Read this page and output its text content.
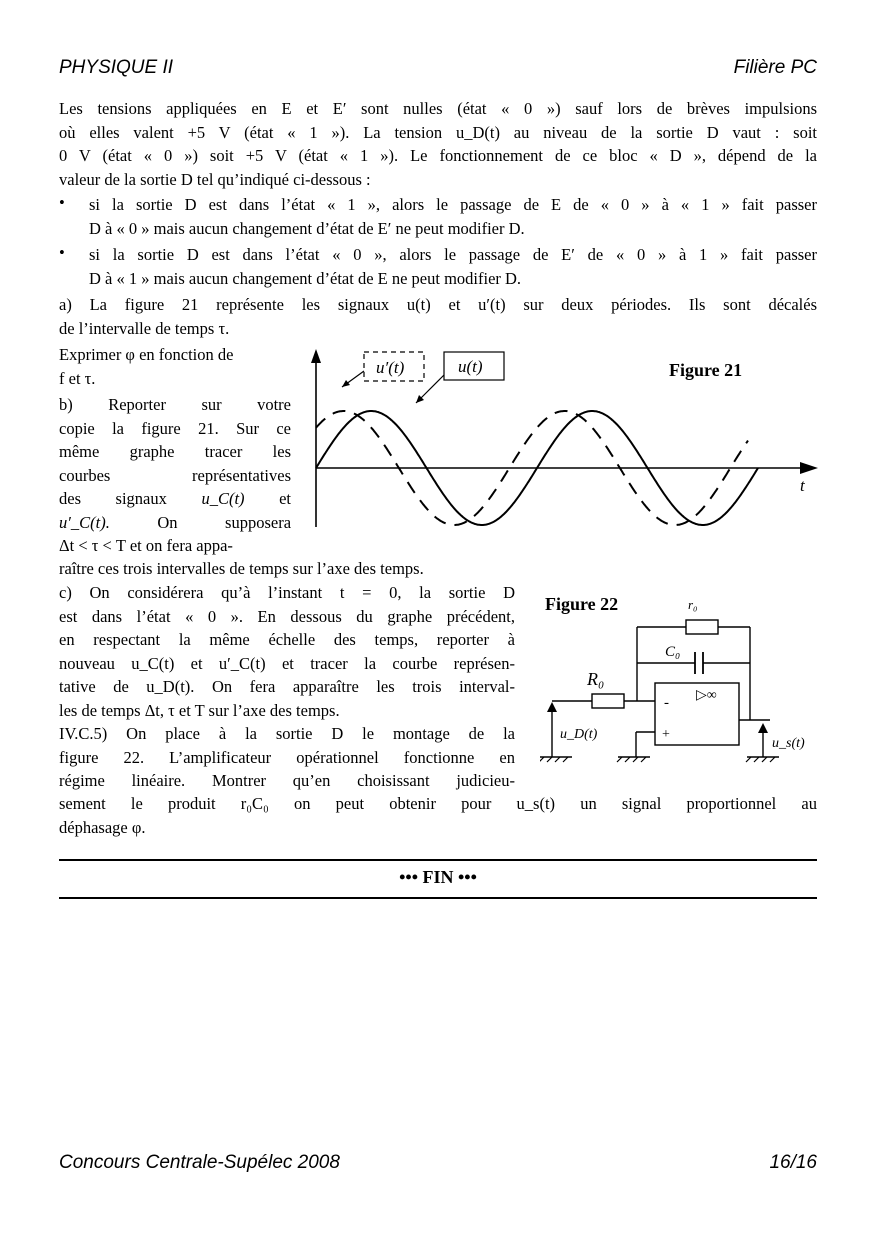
PHYSIQUE II	Filière PC
Les tensions appliquées en E et E′ sont nulles (état « 0 ») sauf lors de brèves impulsions
où elles valent +5 V (état « 1 »). La tension u_D(t) au niveau de la sortie D vaut : soit
0 V (état « 0 ») soit +5 V (état « 1 »). Le fonctionnement de ce bloc « D », dépend de la
valeur de la sortie D tel qu’indiqué ci-dessous :
• si la sortie D est dans l’état « 1 », alors le passage de E de « 0 » à « 1 » fait passer
D à « 0 » mais aucun changement d’état de E′ ne peut modifier D.
• si la sortie D est dans l’état « 0 », alors le passage de E′ de « 0 » à 1 » fait passer
D à « 1 » mais aucun changement d’état de E ne peut modifier D.
a) La figure 21 représente les signaux u(t) et u′(t) sur deux périodes. Ils sont décalés
de l’intervalle de temps τ.
Exprimer φ en fonction de
f et τ.
b) Reporter sur votre
copie la figure 21. Sur ce
même graphe tracer les
courbes	représentatives
des signaux u_C(t) et
u′_C(t).	On	supposera
Δt < τ < T et on fera appa-
raître ces trois intervalles de temps sur l’axe des temps.
t
u′(t)	u(t)	Figure 21
c) On considérera qu’à l’instant t = 0, la sortie D
est dans l’état « 0 ». En dessous du graphe précédent,
en respectant la même échelle des temps, reporter à
nouveau u_C(t) et u′_C(t) et tracer la courbe représen-
tative de u_D(t). On fera apparaître les trois interval-
les de temps Δt, τ et T sur l’axe des temps.
IV.C.5) On place à la sortie D le montage de la
figure 22. L’amplificateur opérationnel fonctionne en
régime linéaire. Montrer qu’en choisissant judicieu-
sement le produit r₀C₀ on peut obtenir pour u_s(t) un signal proportionnel au
déphasage φ.
Figure 22	r₀
C₀
▷∞
-
+
u_s(t)
R₀
u_D(t)
••• FIN •••
Concours Centrale-Supélec 2008	16/16
